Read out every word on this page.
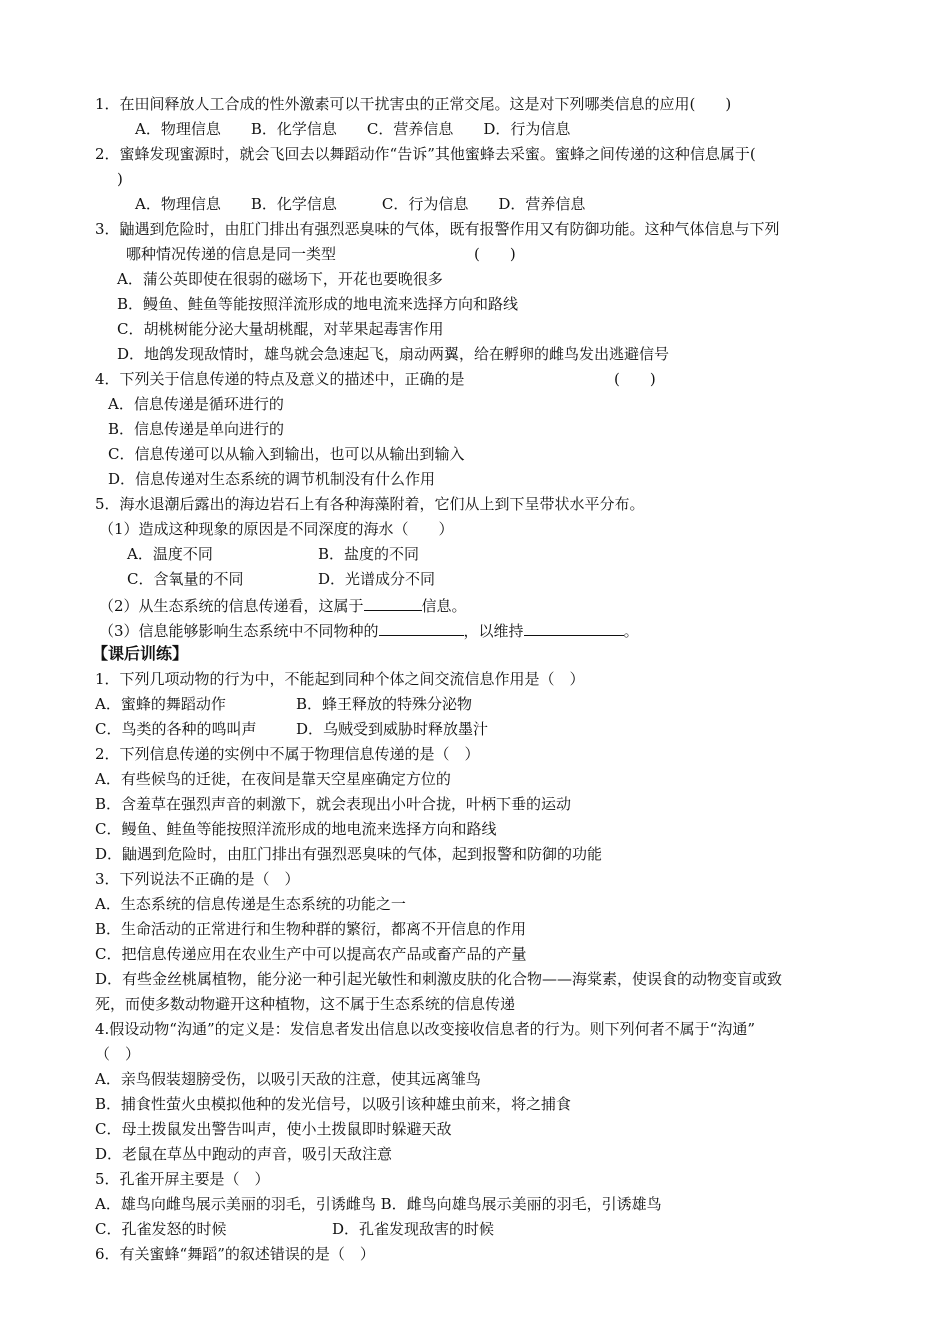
1．在田间释放人工合成的性外激素可以干扰害虫的正常交尾。这是对下列哪类信息的应用(　　)
A．物理信息　　B．化学信息　　C．营养信息　　D．行为信息
2．蜜蜂发现蜜源时，就会飞回去以舞蹈动作“告诉”其他蜜蜂去采蜜。蜜蜂之间传递的这种信息属于(
)
A．物理信息　　B．化学信息　　　C．行为信息　　D．营养信息
3．鼬遇到危险时，由肛门排出有强烈恶臭味的气体，既有报警作用又有防御功能。这种气体信息与下列
哪种情况传递的信息是同一类型	(　　)
A．蒲公英即使在很弱的磁场下，开花也要晚很多
B．鳗鱼、鲑鱼等能按照洋流形成的地电流来选择方向和路线
C．胡桃树能分泌大量胡桃醌，对苹果起毒害作用
D．地鸽发现敌情时，雄鸟就会急速起飞，扇动两翼，给在孵卵的雌鸟发出逃避信号
4．下列关于信息传递的特点及意义的描述中，正确的是	(　　)
A．信息传递是循环进行的
B．信息传递是单向进行的
C．信息传递可以从输入到输出，也可以从输出到输入
D．信息传递对生态系统的调节机制没有什么作用
5．海水退潮后露出的海边岩石上有各种海藻附着，它们从上到下呈带状水平分布。
（1）造成这种现象的原因是不同深度的海水（　　）
A．温度不同	B．盐度的不同
C．含氧量的不同	D．光谱成分不同
（2）从生态系统的信息传递看，这属于	信息。
（3）信息能够影响生态系统中不同物种的	，以维持	。
【课后训练】
1．下列几项动物的行为中，不能起到同种个体之间交流信息作用是（　）
A．蜜蜂的舞蹈动作	B．蜂王释放的特殊分泌物
C．鸟类的各种的鸣叫声	D．乌贼受到威胁时释放墨汁
2．下列信息传递的实例中不属于物理信息传递的是（　）
A．有些候鸟的迁徙，在夜间是靠天空星座确定方位的
B．含羞草在强烈声音的刺激下，就会表现出小叶合拢，叶柄下垂的运动
C．鳗鱼、鲑鱼等能按照洋流形成的地电流来选择方向和路线
D．鼬遇到危险时，由肛门排出有强烈恶臭味的气体，起到报警和防御的功能
3．下列说法不正确的是（　）
A．生态系统的信息传递是生态系统的功能之一
B．生命活动的正常进行和生物种群的繁衍，都离不开信息的作用
C．把信息传递应用在农业生产中可以提高农产品或畜产品的产量
D．有些金丝桃属植物，能分泌一种引起光敏性和刺激皮肤的化合物——海棠素，使误食的动物变盲或致
死，而使多数动物避开这种植物，这不属于生态系统的信息传递
4.假设动物“沟通”的定义是：发信息者发出信息以改变接收信息者的行为。则下列何者不属于“沟通”
（　）
A．亲鸟假装翅膀受伤，以吸引天敌的注意，使其远离雏鸟
B．捕食性萤火虫模拟他种的发光信号，以吸引该种雄虫前来，将之捕食
C．母土拨鼠发出警告叫声，使小土拨鼠即时躲避天敌
D．老鼠在草丛中跑动的声音，吸引天敌注意
5．孔雀开屏主要是（　）
A．雄鸟向雌鸟展示美丽的羽毛，引诱雌鸟 B．雌鸟向雄鸟展示美丽的羽毛，引诱雄鸟
C．孔雀发怒的时候	D．孔雀发现敌害的时候
6．有关蜜蜂“舞蹈”的叙述错误的是（　）
